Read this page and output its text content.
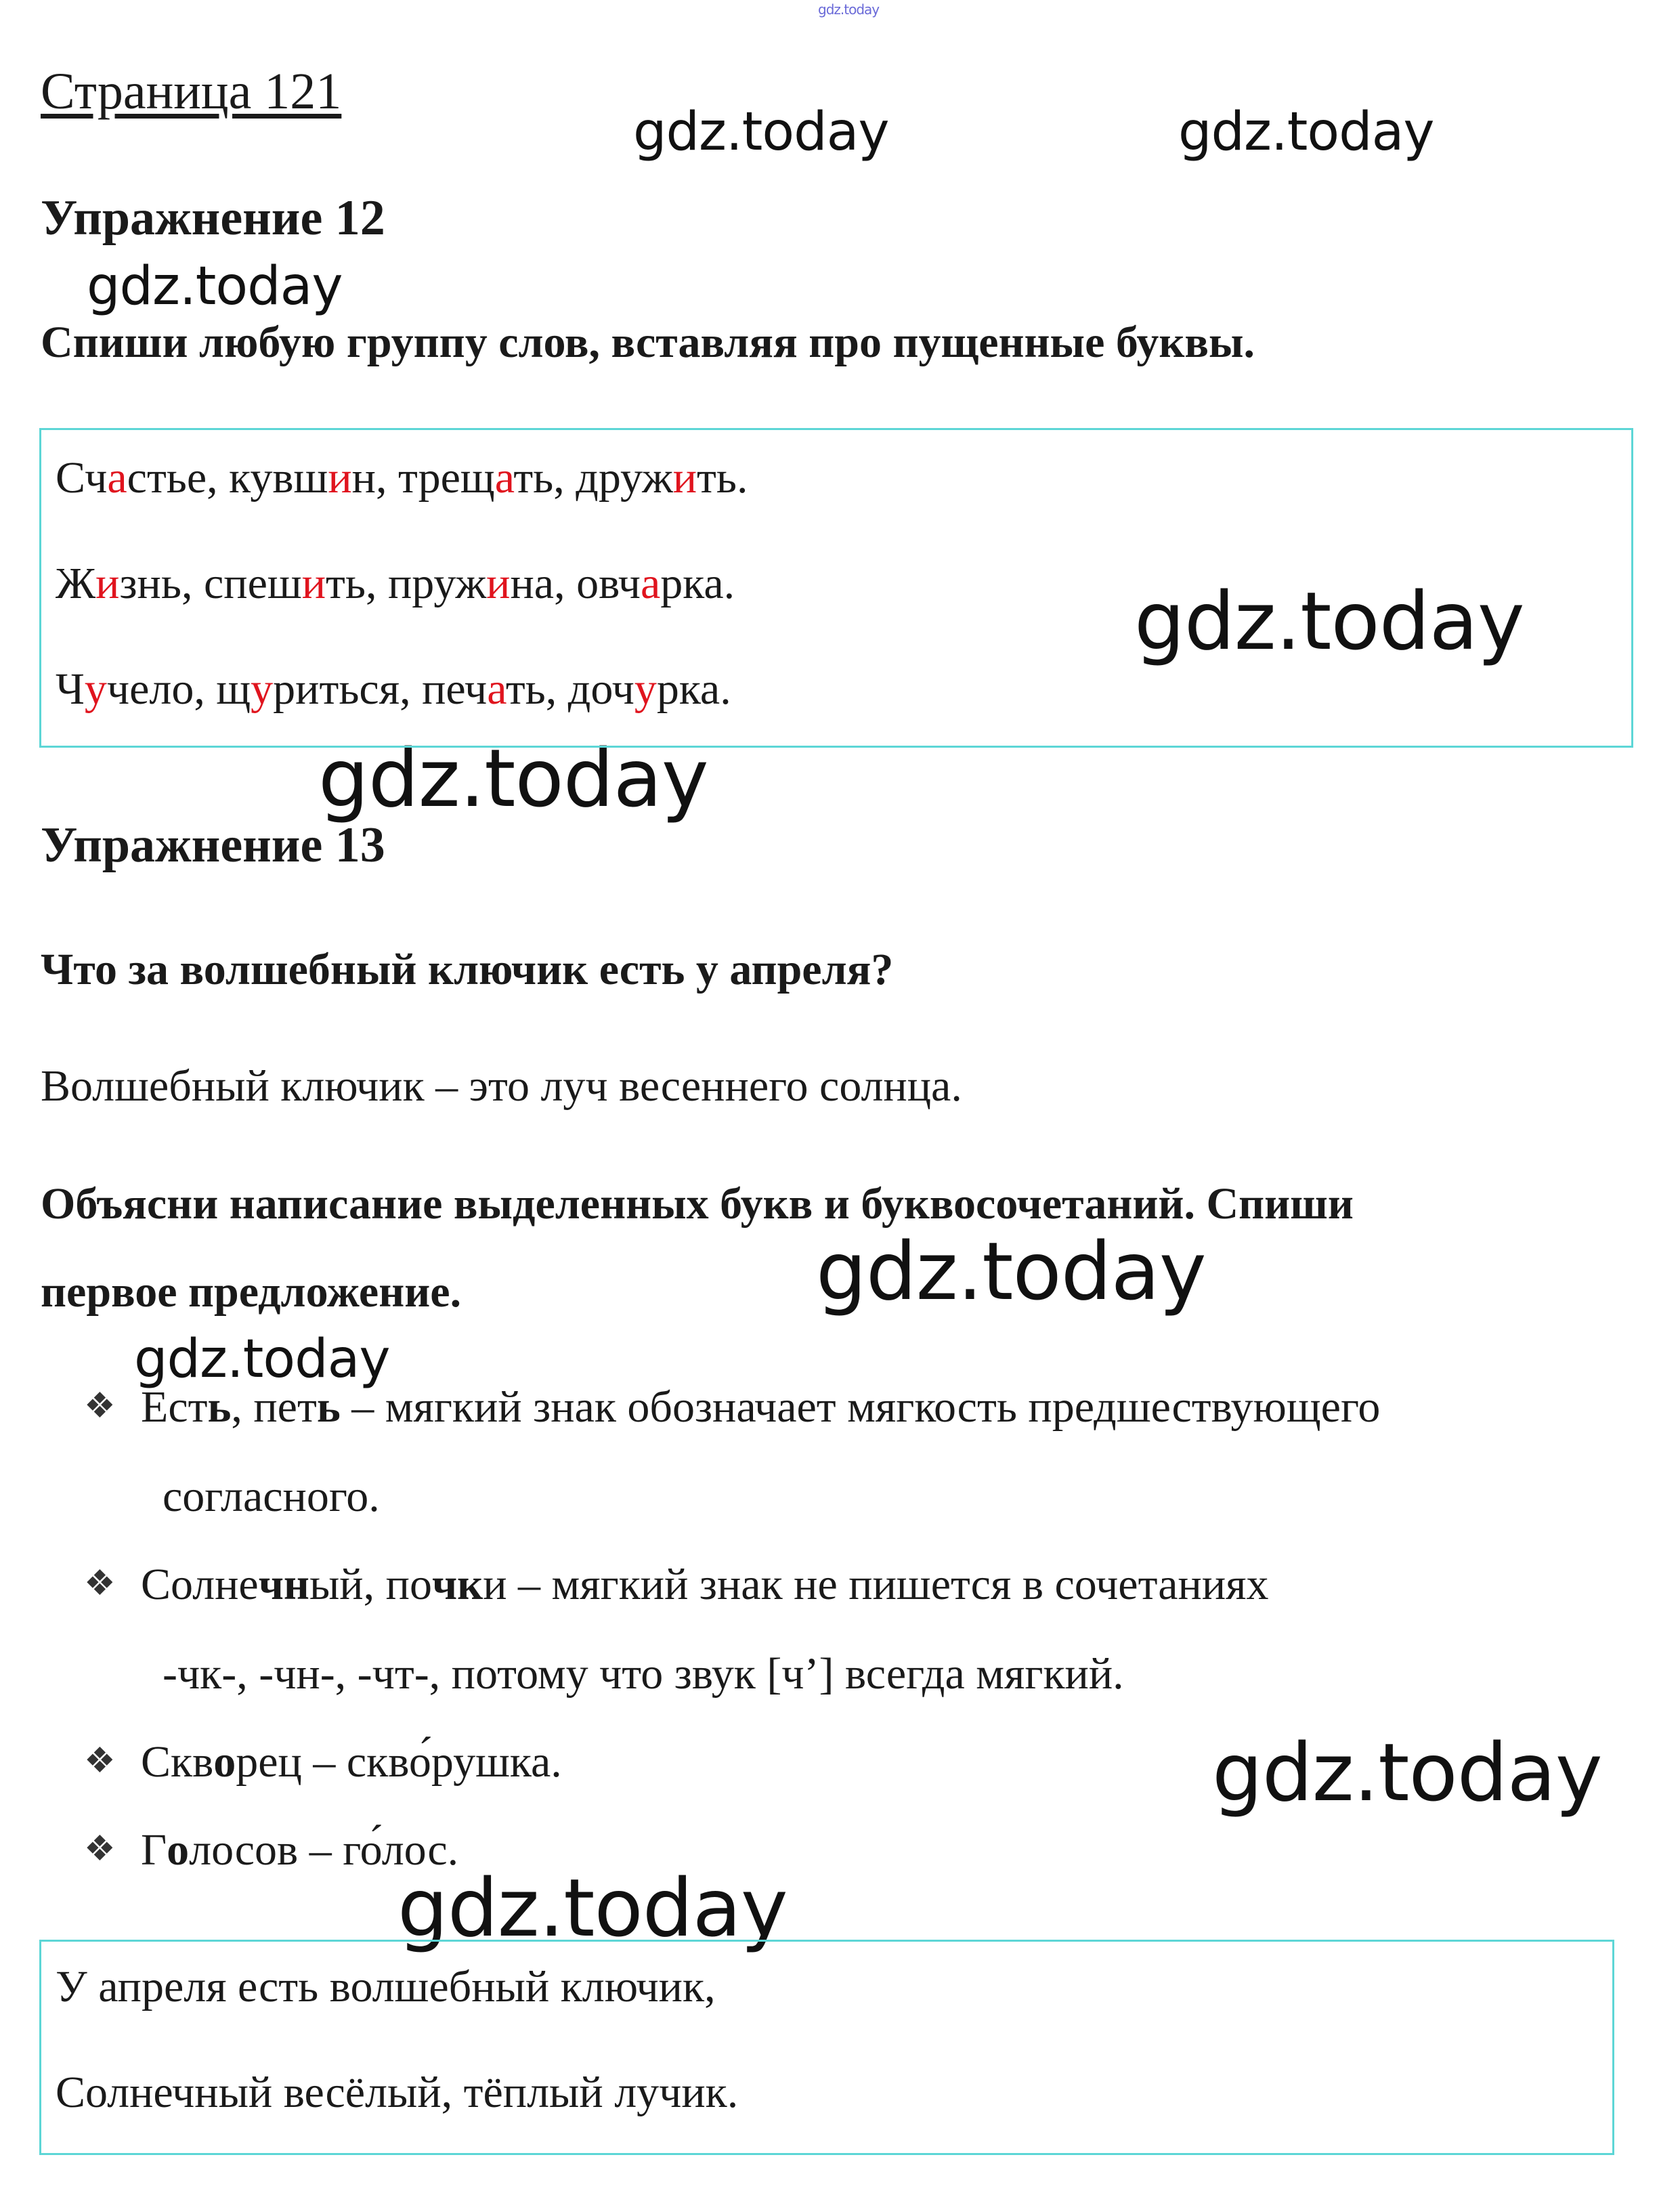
gdz.today
Страница 121
gdz.today	gdz.today
gdz.today
gdz.today
gdz.today
gdz.today
gdz.today
gdz.today
gdz.today
Упражнение 12
Спиши любую группу слов, вставляя про пущенные буквы.
Счастье, кувшин, трещать, дружить.
Жизнь, спешить, пружина, овчарка.
Чучело, щуриться, печать, дочурка.
Упражнение 13
Что за волшебный ключик есть у апреля?
Волшебный ключик – это луч весеннего солнца.
Объясни написание выделенных букв и буквосочетаний. Спиши
первое предложение.
❖ Есть, петь – мягкий знак обозначает мягкость предшествующего
согласного.
❖ Солнечный, почки – мягкий знак не пишется в сочетаниях
-чк-, -чн-, -чт-, потому что звук [ч’] всегда мягкий.
❖ Скворец – скво́рушка.
❖ Голосов – го́лос.
У апреля есть волшебный ключик,
Солнечный весёлый, тёплый лучик.
